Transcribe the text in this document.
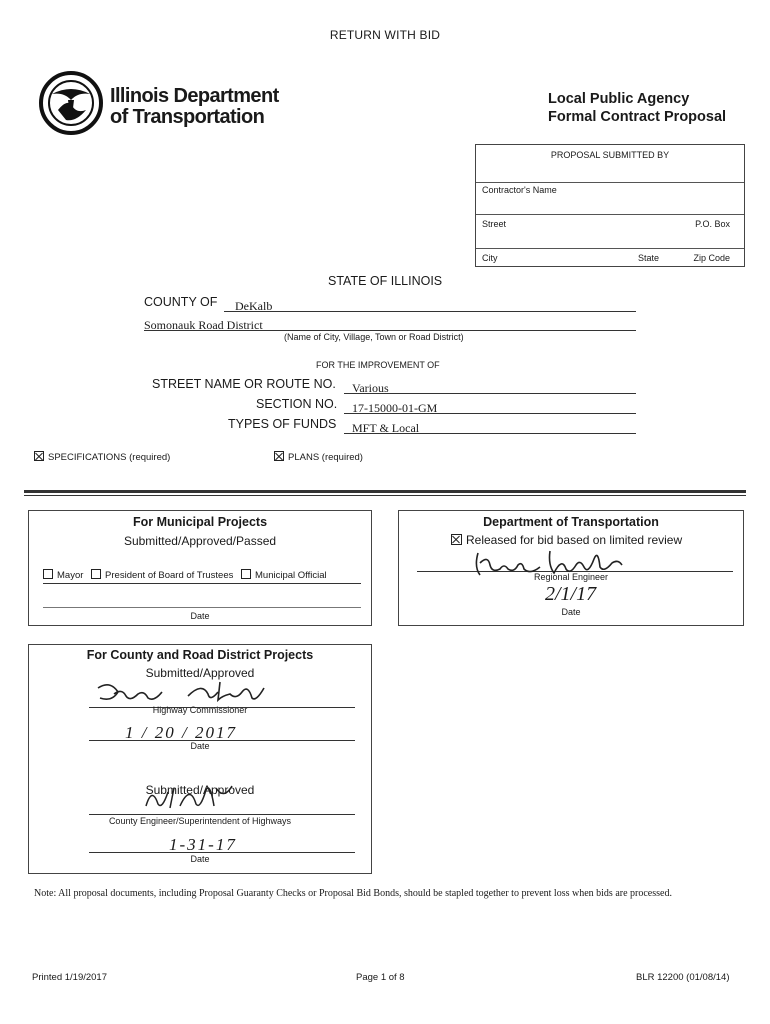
RETURN WITH BID
Illinois Department
of Transportation
Local Public Agency
Formal Contract Proposal
PROPOSAL SUBMITTED BY
Contractor's Name
Street	P.O. Box
City	State	Zip Code
STATE OF ILLINOIS
COUNTY OF	DeKalb
Somonauk Road District
(Name of City, Village, Town or Road District)
FOR THE IMPROVEMENT OF
STREET NAME OR ROUTE NO.	Various
SECTION NO.	17-15000-01-GM
TYPES OF FUNDS	MFT & Local
SPECIFICATIONS (required)	PLANS (required)
For Municipal Projects
Submitted/Approved/Passed
Mayor President of Board of Trustees Municipal Official
Date
Department of Transportation
Released for bid based on limited review
Regional Engineer
2/1/17
Date
For County and Road District Projects
Submitted/Approved
Highway Commissioner
1 / 20 / 2017
Date
Submitted/Approved
County Engineer/Superintendent of Highways
1-31-17
Date
Note: All proposal documents, including Proposal Guaranty Checks or Proposal Bid Bonds, should be stapled together to prevent loss when bids are processed.
Printed 1/19/2017	Page 1 of 8	BLR 12200 (01/08/14)
